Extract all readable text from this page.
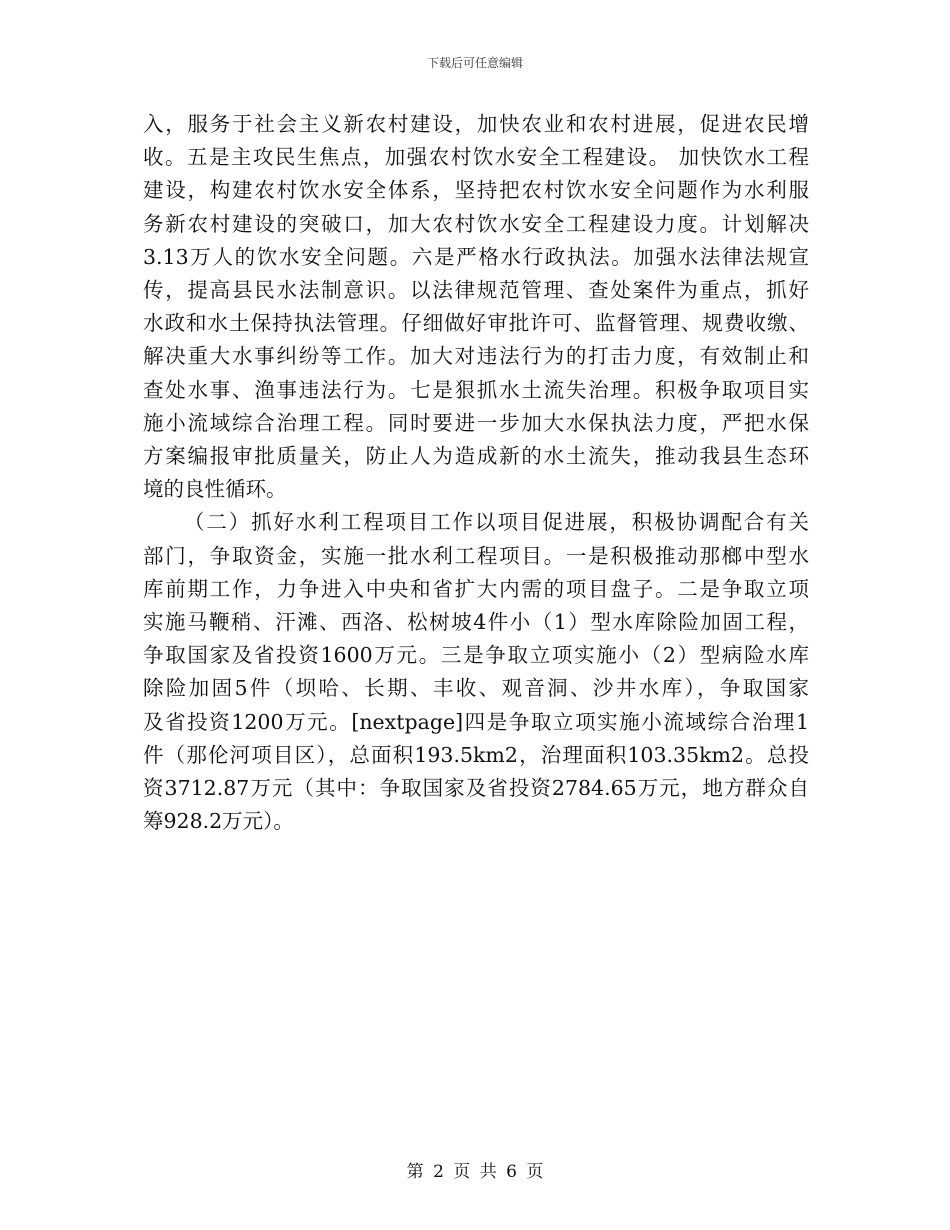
下载后可任意编辑
入，服务于社会主义新农村建设，加快农业和农村进展，促进农民增
收。五是主攻民生焦点，加强农村饮水安全工程建设。 加快饮水工程
建设，构建农村饮水安全体系，坚持把农村饮水安全问题作为水利服
务新农村建设的突破口，加大农村饮水安全工程建设力度。计划解决
3.13万人的饮水安全问题。六是严格水行政执法。加强水法律法规宣
传，提高县民水法制意识。以法律规范管理、查处案件为重点，抓好
水政和水土保持执法管理。仔细做好审批许可、监督管理、规费收缴、
解决重大水事纠纷等工作。加大对违法行为的打击力度，有效制止和
查处水事、渔事违法行为。七是狠抓水土流失治理。积极争取项目实
施小流域综合治理工程。同时要进一步加大水保执法力度，严把水保
方案编报审批质量关，防止人为造成新的水土流失，推动我县生态环
境的良性循环。
（二）抓好水利工程项目工作以项目促进展，积极协调配合有关
部门，争取资金，实施一批水利工程项目。一是积极推动那榔中型水
库前期工作，力争进入中央和省扩大内需的项目盘子。二是争取立项
实施马鞭稍、汗滩、西洛、松树坡4件小（1）型水库除险加固工程，
争取国家及省投资1600万元。三是争取立项实施小（2）型病险水库
除险加固5件（坝哈、长期、丰收、观音洞、沙井水库），争取国家
及省投资1200万元。[nextpage]四是争取立项实施小流域综合治理1
件（那伦河项目区），总面积193.5km2，治理面积103.35km2。总投
资3712.87万元（其中：争取国家及省投资2784.65万元，地方群众自
筹928.2万元）。
第 2 页 共 6 页
